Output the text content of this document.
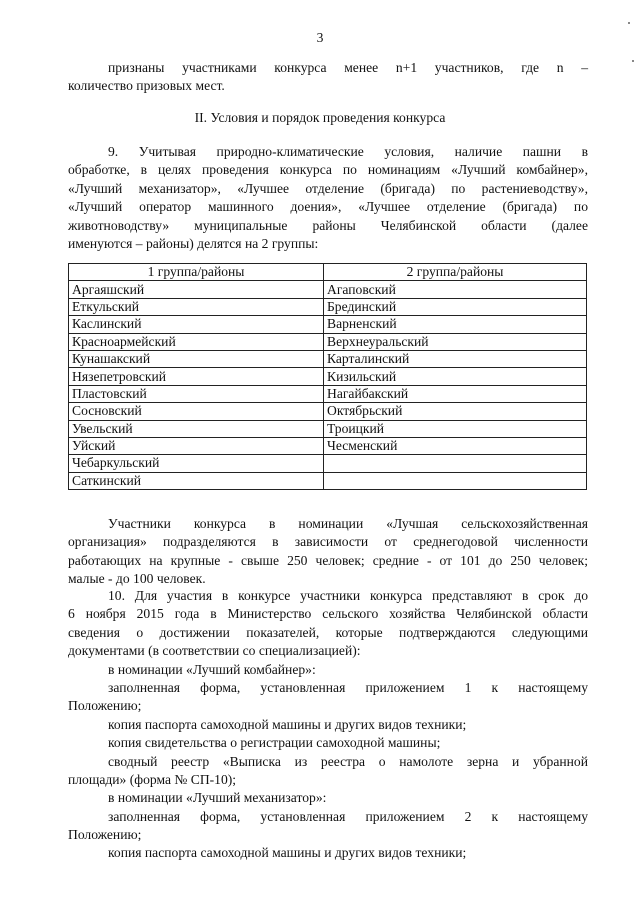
3
признаны участниками конкурса менее n+1 участников, где n –
количество призовых мест.
II. Условия и порядок проведения конкурса
9. Учитывая природно-климатические условия, наличие пашни в
обработке, в целях проведения конкурса по номинациям «Лучший комбайнер»,
«Лучший механизатор», «Лучшее отделение (бригада) по растениеводству»,
«Лучший оператор машинного доения», «Лучшее отделение (бригада) по
животноводству» муниципальные районы Челябинской области (далее
именуются – районы) делятся на 2 группы:
1 группа/районы	2 группа/районы
Аргаяшский	Агаповский
Еткульский	Брединский
Каслинский	Варненский
Красноармейский	Верхнеуральский
Кунашакский	Карталинский
Нязепетровский	Кизильский
Пластовский	Нагайбакский
Сосновский	Октябрьский
Увельский	Троицкий
Уйский	Чесменский
Чебаркульский	
Саткинский	
Участники конкурса в номинации «Лучшая сельскохозяйственная
организация» подразделяются в зависимости от среднегодовой численности
работающих на крупные - свыше 250 человек; средние - от 101 до 250 человек;
малые - до 100 человек.
10. Для участия в конкурсе участники конкурса представляют в срок до
6 ноября 2015 года в Министерство сельского хозяйства Челябинской области
сведения о достижении показателей, которые подтверждаются следующими
документами (в соответствии со специализацией):
в номинации «Лучший комбайнер»:
заполненная форма, установленная приложением 1 к настоящему
Положению;
копия паспорта самоходной машины и других видов техники;
копия свидетельства о регистрации самоходной машины;
сводный реестр «Выписка из реестра о намолоте зерна и убранной
площади» (форма № СП-10);
в номинации «Лучший механизатор»:
заполненная форма, установленная приложением 2 к настоящему
Положению;
копия паспорта самоходной машины и других видов техники;
